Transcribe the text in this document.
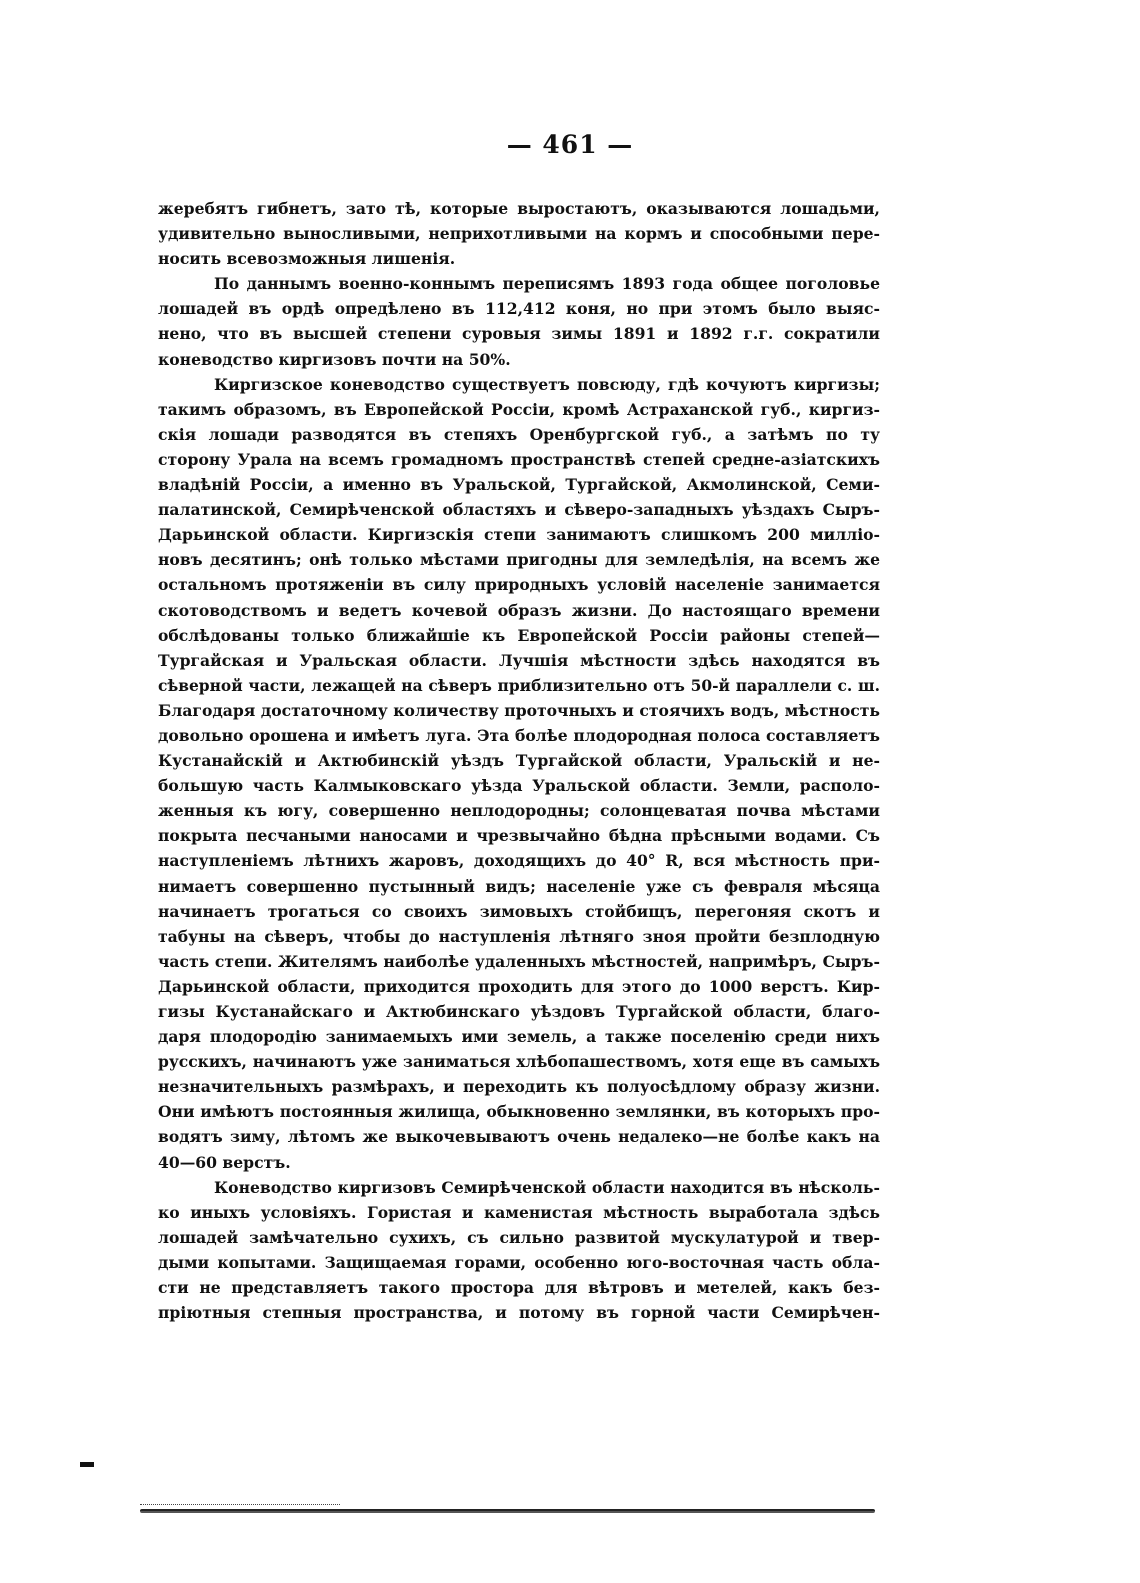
— 461 —
жеребятъ гибнетъ, зато тѣ, которые выростаютъ, оказываются лошадьми,
удивительно выносливыми, неприхотливыми на кормъ и способными пере-
носить всевозможныя лишенія.
По даннымъ военно-коннымъ переписямъ 1893 года общее поголовье
лошадей въ ордѣ опредѣлено въ 112,412 коня, но при этомъ было выяс-
нено, что въ высшей степени суровыя зимы 1891 и 1892 г.г. сократили
коневодство киргизовъ почти на 50%.
Киргизское коневодство существуетъ повсюду, гдѣ кочуютъ киргизы;
такимъ образомъ, въ Европейской Россіи, кромѣ Астраханской губ., киргиз-
скія лошади разводятся въ степяхъ Оренбургской губ., а затѣмъ по ту
сторону Урала на всемъ громадномъ пространствѣ степей средне-азіатскихъ
владѣній Россіи, а именно въ Уральской, Тургайской, Акмолинской, Семи-
палатинской, Семирѣченской областяхъ и сѣверо-западныхъ уѣздахъ Сыръ-
Дарьинской области. Киргизскія степи занимаютъ слишкомъ 200 милліо-
новъ десятинъ; онѣ только мѣстами пригодны для земледѣлія, на всемъ же
остальномъ протяженіи въ силу природныхъ условій населеніе занимается
скотоводствомъ и ведетъ кочевой образъ жизни. До настоящаго времени
обслѣдованы только ближайшіе къ Европейской Россіи районы степей—
Тургайская и Уральская области. Лучшія мѣстности здѣсь находятся въ
сѣверной части, лежащей на сѣверъ приблизительно отъ 50-й параллели с. ш.
Благодаря достаточному количеству проточныхъ и стоячихъ водъ, мѣстность
довольно орошена и имѣетъ луга. Эта болѣе плодородная полоса составляетъ
Кустанайскій и Актюбинскій уѣздъ Тургайской области, Уральскій и не-
большую часть Калмыковскаго уѣзда Уральской области. Земли, располо-
женныя къ югу, совершенно неплодородны; солонцеватая почва мѣстами
покрыта песчаными наносами и чрезвычайно бѣдна прѣсными водами. Съ
наступленіемъ лѣтнихъ жаровъ, доходящихъ до 40° R, вся мѣстность при-
нимаетъ совершенно пустынный видъ; населеніе уже съ февраля мѣсяца
начинаетъ трогаться со своихъ зимовыхъ стойбищъ, перегоняя скотъ и
табуны на сѣверъ, чтобы до наступленія лѣтняго зноя пройти безплодную
часть степи. Жителямъ наиболѣе удаленныхъ мѣстностей, напримѣръ, Сыръ-
Дарьинской области, приходится проходить для этого до 1000 верстъ. Кир-
гизы Кустанайскаго и Актюбинскаго уѣздовъ Тургайской области, благо-
даря плодородію занимаемыхъ ими земель, а также поселенію среди нихъ
русскихъ, начинаютъ уже заниматься хлѣбопашествомъ, хотя еще въ самыхъ
незначительныхъ размѣрахъ, и переходить къ полуосѣдлому образу жизни.
Они имѣютъ постоянныя жилища, обыкновенно землянки, въ которыхъ про-
водятъ зиму, лѣтомъ же выкочевываютъ очень недалеко—не болѣе какъ на
40—60 верстъ.
Коневодство киргизовъ Семирѣченской области находится въ нѣсколь-
ко иныхъ условіяхъ. Гористая и каменистая мѣстность выработала здѣсь
лошадей замѣчательно сухихъ, съ сильно развитой мускулатурой и твер-
дыми копытами. Защищаемая горами, особенно юго-восточная часть обла-
сти не представляетъ такого простора для вѣтровъ и метелей, какъ без-
пріютныя степныя пространства, и потому въ горной части Семирѣчен-
